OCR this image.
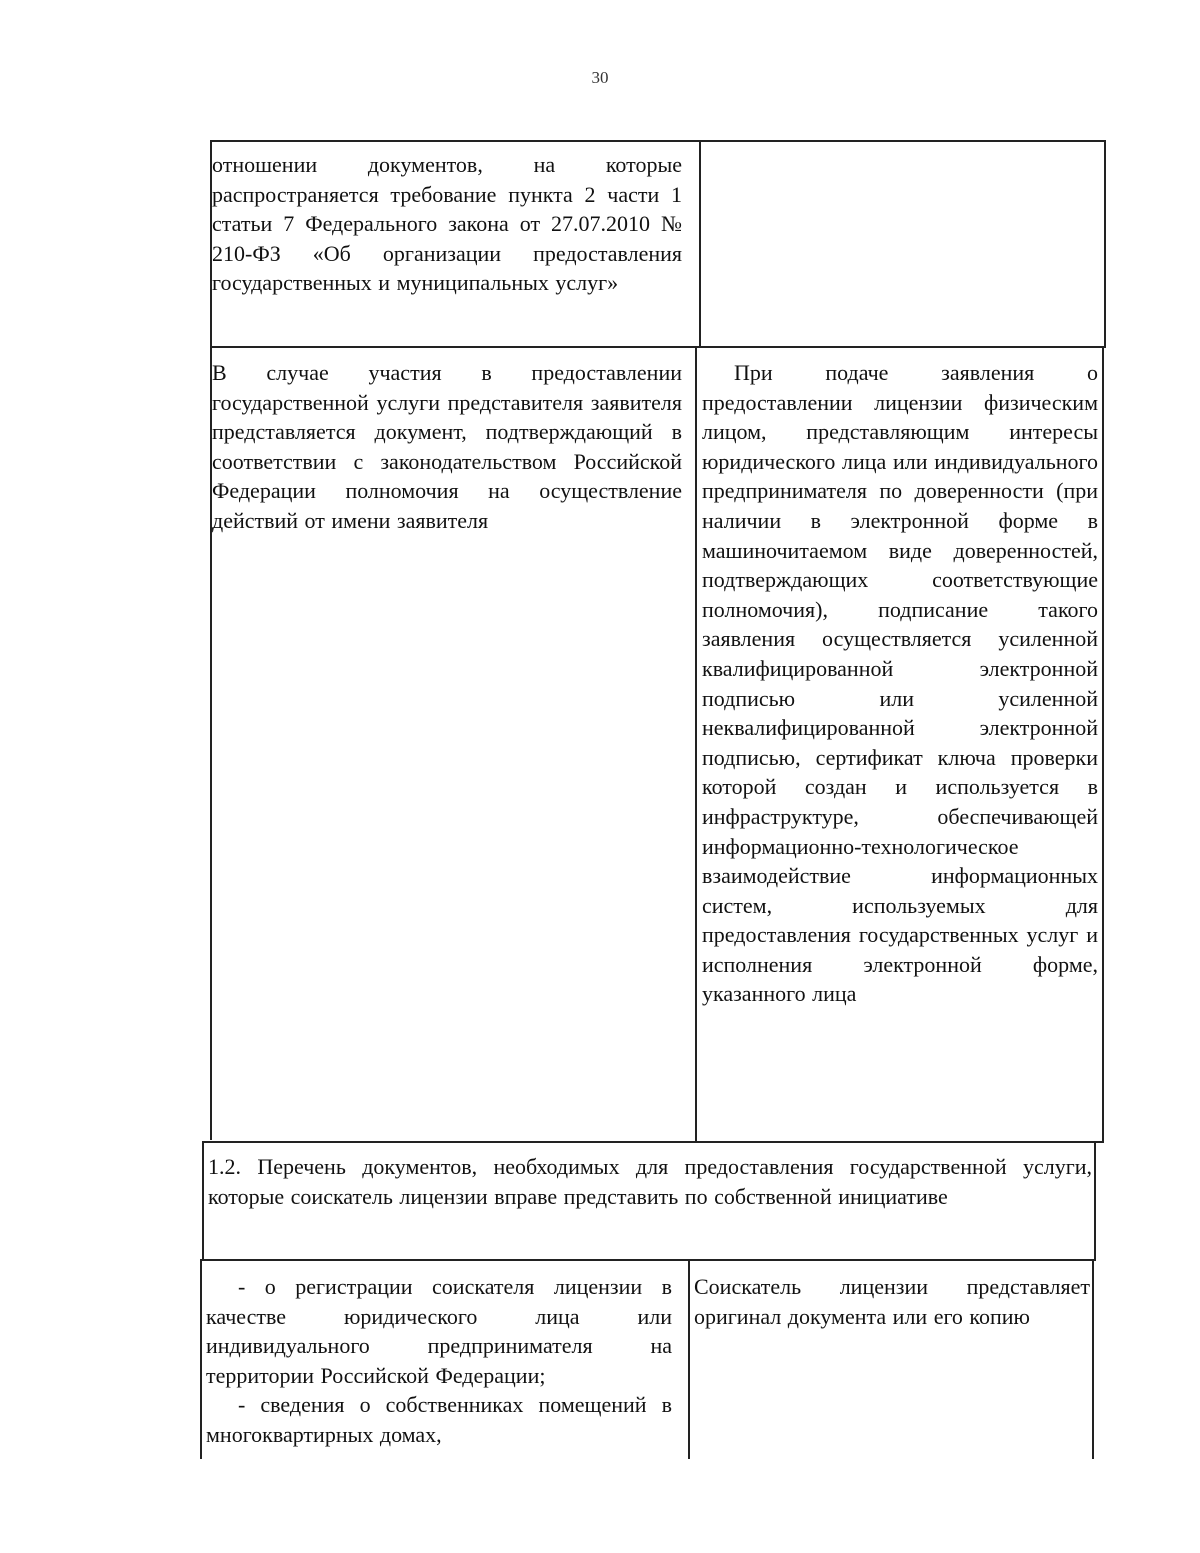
30

отношении документов, на которые распространяется требование пункта 2 части 1 статьи 7 Федерального закона от 27.07.2010 № 210-ФЗ «Об организации предоставления государственных и муниципальных услуг»

В случае участия в предоставлении государственной услуги представителя заявителя представляется документ, подтверждающий в соответствии с законодательством Российской Федерации полномочия на осуществление действий от имени заявителя

При подаче заявления о предоставлении лицензии физическим лицом, представляющим интересы юридического лица или индивидуального предпринимателя по доверенности (при наличии в электронной форме в машиночитаемом виде доверенностей, подтверждающих соответствующие полномочия), подписание такого заявления осуществляется усиленной квалифицированной электронной подписью или усиленной неквалифицированной электронной подписью, сертификат ключа проверки которой создан и используется в инфраструктуре, обеспечивающей информационно-технологическое взаимодействие информационных систем, используемых для предоставления государственных услуг и исполнения электронной форме, указанного лица

1.2. Перечень документов, необходимых для предоставления государственной услуги, которые соискатель лицензии вправе представить по собственной инициативе

- о регистрации соискателя лицензии в качестве юридического лица или индивидуального предпринимателя на территории Российской Федерации;

- сведения о собственниках помещений в многоквартирных домах,

Соискатель лицензии представляет оригинал документа или его копию
